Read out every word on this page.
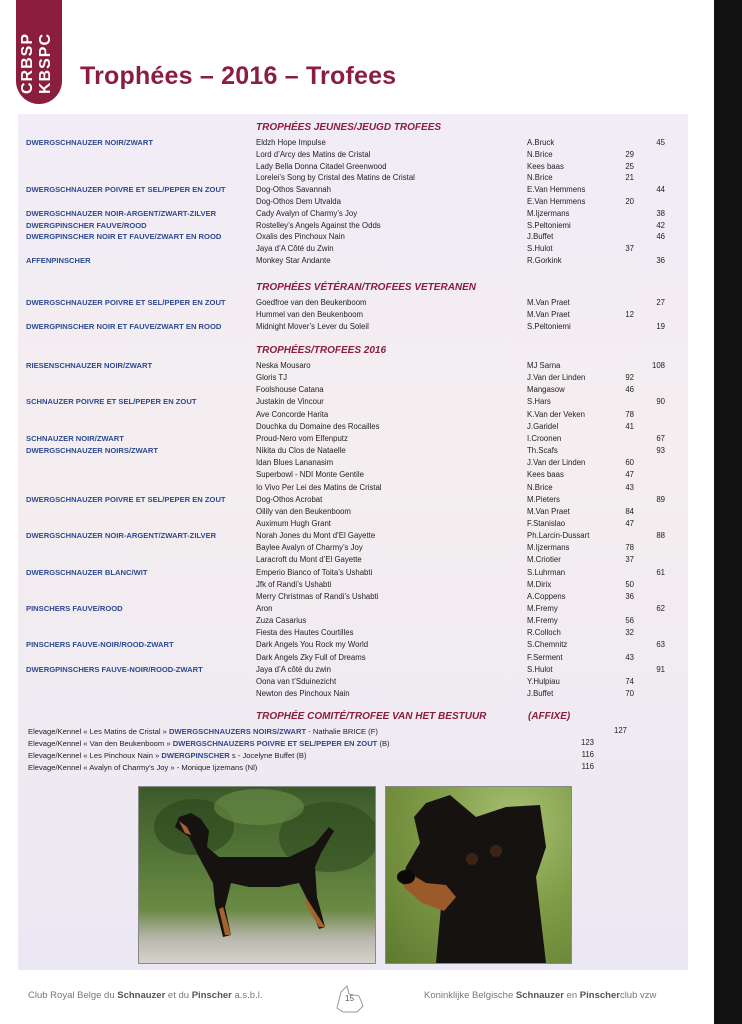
CRBSP KBSPC Trophées – 2016 – Trofees
TROPHÉES JEUNES/JEUGD TROFEES
DWERGSCHNAUZER NOIR/ZWART	Eldzh Hope Impulse	A.Bruck	45
Lord d’Arcy des Matins de Cristal	N.Brice	29
Lady Bella Donna Citadel Greenwood	Kees baas	25
Lorelei’s Song by Cristal des Matins de Cristal	N.Brice	21
DWERGSCHNAUZER POIVRE ET SEL/PEPER EN ZOUT	Dog-Othos Savannah	E.Van Hemmens	44
Dog-Othos Dem Utvalda	E.Van Hemmens	20
DWERGSCHNAUZER NOIR-ARGENT/ZWART-ZILVER	Cady Avalyn of Charmy’s Joy	M.Ijzermans	38
DWERGPINSCHER FAUVE/ROOD	Rostelley’s Angels Against the Odds	S.Peltoniemi	42
DWERGPINSCHER NOIR ET FAUVE/ZWART EN ROOD	Oxalis des Pinchoux Nain	J.Buffet	46
Jaya d’A Côté du Zwin	S.Hulot	37
AFFENPINSCHER	Monkey Star Andante	R.Gorkink	36
TROPHÉES VÉTÉRAN/TROFEES VETERANEN
DWERGSCHNAUZER POIVRE ET SEL/PEPER EN ZOUT	Goedfroe van den Beukenboom	M.Van Praet	27
Hummel van den Beukenboom	M.Van Praet	12
DWERGPINSCHER NOIR ET FAUVE/ZWART EN ROOD	Midnight Mover’s Lever du Soleil	S.Peltoniemi	19
TROPHÉES/TROFEES 2016
RIESENSCHNAUZER NOIR/ZWART	Neska Mousaro	MJ Sarna	108
Gloris TJ	J.Van der Linden	92
Foolshouse Catana	Mangasow	46
SCHNAUZER POIVRE ET SEL/PEPER EN ZOUT	Justakin de Vincour	S.Hars	90
Ave Concorde Harita	K.Van der Veken	78
Douchka du Domaine des Rocailles	J.Garidel	41
SCHNAUZER NOIR/ZWART	Proud-Nero vom Elfenputz	I.Croonen	67
DWERGSCHNAUZER NOIRS/ZWART	Nikita du Clos de Nataelle	Th.Scafs	93
Idan Blues Lananasim	J.Van der Linden	60
Superbowl - NDI Monte Gentile	Kees baas	47
Io Vivo Per Lei des Matins de Cristal	N.Brice	43
DWERGSCHNAUZER POIVRE ET SEL/PEPER EN ZOUT	Dog-Othos Acrobat	M.Pieters	89
Oilily van den Beukenboom	M.Van Praet	84
Auximum Hugh Grant	F.Stanislao	47
DWERGSCHNAUZER NOIR-ARGENT/ZWART-ZILVER	Norah Jones du Mont d’El Gayette	Ph.Larcin-Dussart	88
Baylee Avalyn of Charmy’s Joy	M.Ijzermans	78
Laracroft du Mont d’El Gayette	M.Criotier	37
DWERGSCHNAUZER BLANC/WIT	Emperio Bianco of Toita’s Ushabti	S.Luhrman	61
Jfk of Randi’s Ushabti	M.Dirix	50
Merry Christmas of Randi’s Ushabti	A.Coppens	36
PINSCHERS FAUVE/ROOD	Aron	M.Fremy	62
Zuza Casarius	M.Fremy	56
Fiesta des Hautes Courtilles	R.Colloch	32
PINSCHERS FAUVE-NOIR/ROOD-ZWART	Dark Angels You Rock my World	S.Chemnitz	63
Dark Angels Zky Full of Dreams	F.Serment	43
DWERGPINSCHERS FAUVE-NOIR/ROOD-ZWART	Jaya d’A côté du zwin	S.Hulot	91
Oona van t’Sduinezicht	Y.Hulpiau	74
Newton des Pinchoux Nain	J.Buffet	70
TROPHÉE COMITÉ/TROFEE VAN HET BESTUUR	(AFFIXE)
Elevage/Kennel « Les Matins de Cristal » DWERGSCHNAUZERS NOIRS/ZWART - Nathalie BRICE (F)	127
Elevage/Kennel « Van den Beukenboom » DWERGSCHNAUZERS POIVRE ET SEL/PEPER EN ZOUT (B)	123
Elevage/Kennel « Les Pinchoux Nain » DWERGPINSCHER s - Jocelyne Buffet (B)	116
Elevage/Kennel « Avalyn of Charmy’s Joy » - Monique Ijzemans (Nl)	116
Club Royal Belge du Schnauzer et du Pinscher a.s.b.l.	15	Koninklijke Belgische Schnauzer en Pinscherclub vzw
